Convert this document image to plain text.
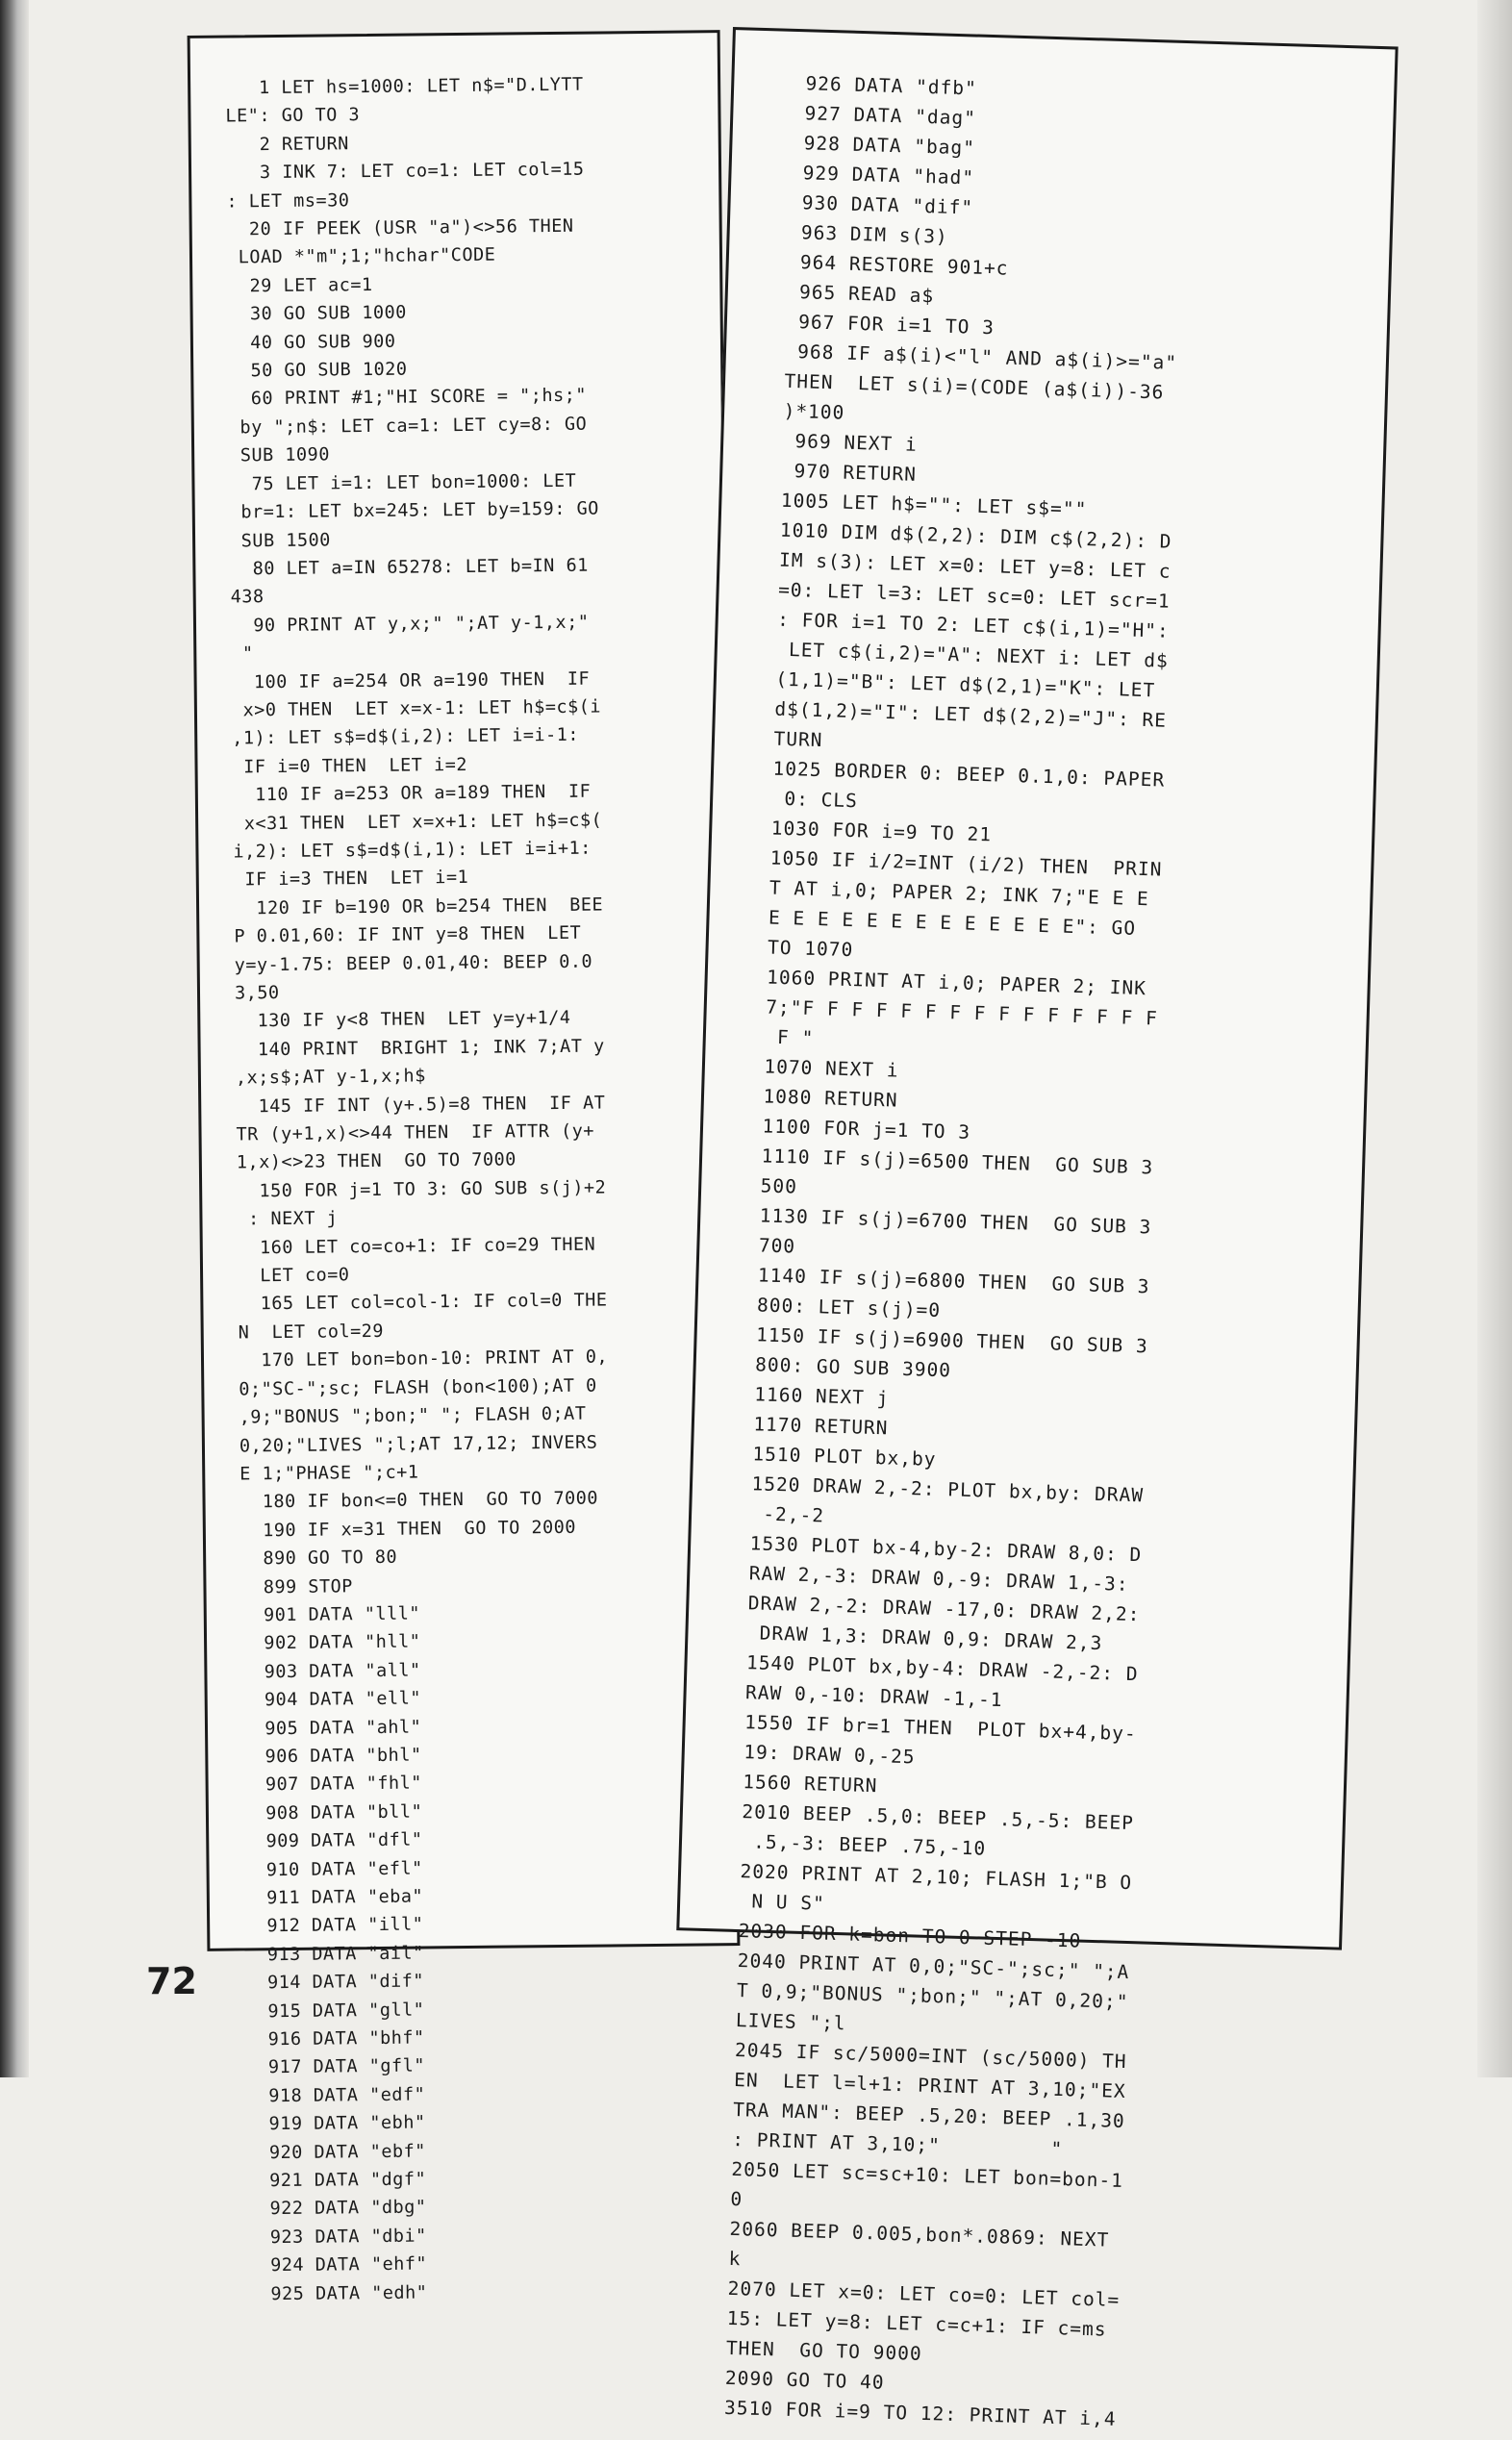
1 LET hs=1000: LET n$="D.LYTT
LE": GO TO 3
2 RETURN
3 INK 7: LET co=1: LET col=15
: LET ms=30
20 IF PEEK (USR "a")<>56 THEN
LOAD *"m";1;"hchar"CODE
29 LET ac=1
30 GO SUB 1000
40 GO SUB 900
50 GO SUB 1020
60 PRINT #1;"HI SCORE = ";hs;"
by ";n$: LET ca=1: LET cy=8: GO
SUB 1090
75 LET i=1: LET bon=1000: LET
br=1: LET bx=245: LET by=159: GO
SUB 1500
80 LET a=IN 65278: LET b=IN 61
438
90 PRINT AT y,x;" ";AT y-1,x;"
"
100 IF a=254 OR a=190 THEN  IF
x>0 THEN  LET x=x-1: LET h$=c$(i
,1): LET s$=d$(i,2): LET i=i-1:
IF i=0 THEN  LET i=2
110 IF a=253 OR a=189 THEN  IF
x<31 THEN  LET x=x+1: LET h$=c$(
i,2): LET s$=d$(i,1): LET i=i+1:
IF i=3 THEN  LET i=1
120 IF b=190 OR b=254 THEN  BEE
P 0.01,60: IF INT y=8 THEN  LET
y=y-1.75: BEEP 0.01,40: BEEP 0.0
3,50
130 IF y<8 THEN  LET y=y+1/4
140 PRINT  BRIGHT 1; INK 7;AT y
,x;s$;AT y-1,x;h$
145 IF INT (y+.5)=8 THEN  IF AT
TR (y+1,x)<>44 THEN  IF ATTR (y+
1,x)<>23 THEN  GO TO 7000
150 FOR j=1 TO 3: GO SUB s(j)+2
: NEXT j
160 LET co=co+1: IF co=29 THEN
LET co=0
165 LET col=col-1: IF col=0 THE
N  LET col=29
170 LET bon=bon-10: PRINT AT 0,
0;"SC-";sc; FLASH (bon<100);AT 0
,9;"BONUS ";bon;" "; FLASH 0;AT
0,20;"LIVES ";l;AT 17,12; INVERS
E 1;"PHASE ";c+1
180 IF bon<=0 THEN  GO TO 7000
190 IF x=31 THEN  GO TO 2000
890 GO TO 80
899 STOP
901 DATA "lll"
902 DATA "hll"
903 DATA "all"
904 DATA "ell"
905 DATA "ahl"
906 DATA "bhl"
907 DATA "fhl"
908 DATA "bll"
909 DATA "dfl"
910 DATA "efl"
911 DATA "eba"
912 DATA "ill"
913 DATA "ail"
914 DATA "dif"
915 DATA "gll"
916 DATA "bhf"
917 DATA "gfl"
918 DATA "edf"
919 DATA "ebh"
920 DATA "ebf"
921 DATA "dgf"
922 DATA "dbg"
923 DATA "dbi"
924 DATA "ehf"
925 DATA "edh"
926 DATA "dfb"
927 DATA "dag"
928 DATA "bag"
929 DATA "had"
930 DATA "dif"
963 DIM s(3)
964 RESTORE 901+c
965 READ a$
967 FOR i=1 TO 3
968 IF a$(i)<"l" AND a$(i)>="a"
THEN  LET s(i)=(CODE (a$(i))-36
)*100
969 NEXT i
970 RETURN
1005 LET h$="": LET s$=""
1010 DIM d$(2,2): DIM c$(2,2): D
IM s(3): LET x=0: LET y=8: LET c
=0: LET l=3: LET sc=0: LET scr=1
: FOR i=1 TO 2: LET c$(i,1)="H":
LET c$(i,2)="A": NEXT i: LET d$
(1,1)="B": LET d$(2,1)="K": LET
d$(1,2)="I": LET d$(2,2)="J": RE
TURN
1025 BORDER 0: BEEP 0.1,0: PAPER
0: CLS
1030 FOR i=9 TO 21
1050 IF i/2=INT (i/2) THEN  PRIN
T AT i,0; PAPER 2; INK 7;"E E E
E E E E E E E E E E E E E": GO
TO 1070
1060 PRINT AT i,0; PAPER 2; INK
7;"F F F F F F F F F F F F F F F
F "
1070 NEXT i
1080 RETURN
1100 FOR j=1 TO 3
1110 IF s(j)=6500 THEN  GO SUB 3
500
1130 IF s(j)=6700 THEN  GO SUB 3
700
1140 IF s(j)=6800 THEN  GO SUB 3
800: LET s(j)=0
1150 IF s(j)=6900 THEN  GO SUB 3
800: GO SUB 3900
1160 NEXT j
1170 RETURN
1510 PLOT bx,by
1520 DRAW 2,-2: PLOT bx,by: DRAW
-2,-2
1530 PLOT bx-4,by-2: DRAW 8,0: D
RAW 2,-3: DRAW 0,-9: DRAW 1,-3:
DRAW 2,-2: DRAW -17,0: DRAW 2,2:
DRAW 1,3: DRAW 0,9: DRAW 2,3
1540 PLOT bx,by-4: DRAW -2,-2: D
RAW 0,-10: DRAW -1,-1
1550 IF br=1 THEN  PLOT bx+4,by-
19: DRAW 0,-25
1560 RETURN
2010 BEEP .5,0: BEEP .5,-5: BEEP
.5,-3: BEEP .75,-10
2020 PRINT AT 2,10; FLASH 1;"B O
N U S"
2030 FOR k=bon TO 0 STEP -10
2040 PRINT AT 0,0;"SC-";sc;" ";A
T 0,9;"BONUS ";bon;" ";AT 0,20;"
LIVES ";l
2045 IF sc/5000=INT (sc/5000) TH
EN  LET l=l+1: PRINT AT 3,10;"EX
TRA MAN": BEEP .5,20: BEEP .1,30
: PRINT AT 3,10;"         "
2050 LET sc=sc+10: LET bon=bon-1
0
2060 BEEP 0.005,bon*.0869: NEXT
k
2070 LET x=0: LET co=0: LET col=
15: LET y=8: LET c=c+1: IF c=ms
THEN  GO TO 9000
2090 GO TO 40
3510 FOR i=9 TO 12: PRINT AT i,4
72
